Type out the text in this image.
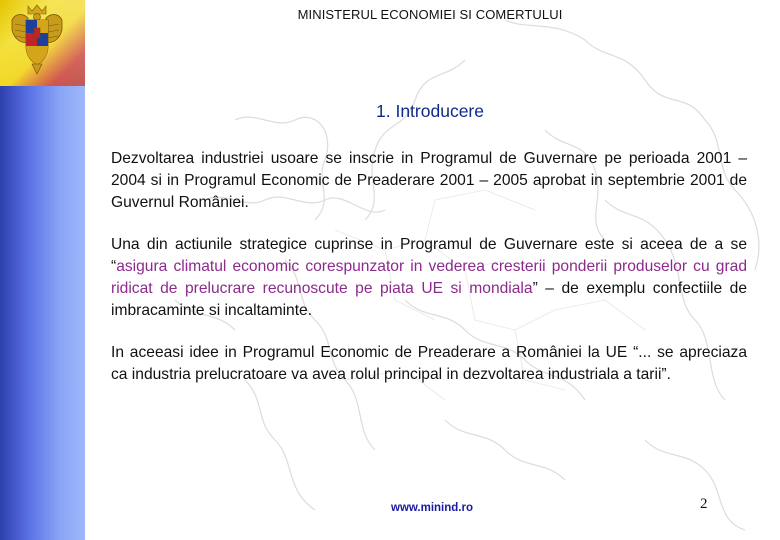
MINISTERUL ECONOMIEI SI COMERTULUI
1. Introducere
Dezvoltarea industriei usoare se inscrie in Programul de Guvernare pe perioada 2001 – 2004 si in Programul Economic de Preaderare 2001 – 2005 aprobat in septembrie 2001 de Guvernul României.
Una din actiunile strategice cuprinse in Programul de Guvernare este si aceea de a se “asigura climatul economic corespunzator in vederea cresterii ponderii produselor cu grad ridicat de prelucrare recunoscute pe piata UE si mondiala” – de exemplu confectiile de imbracaminte si incaltaminte.
In aceeasi idee in Programul Economic de Preaderare a României la UE “... se apreciaza ca industria prelucratoare va avea rolul principal in dezvoltarea industriala a tarii”.
www.minind.ro	2
